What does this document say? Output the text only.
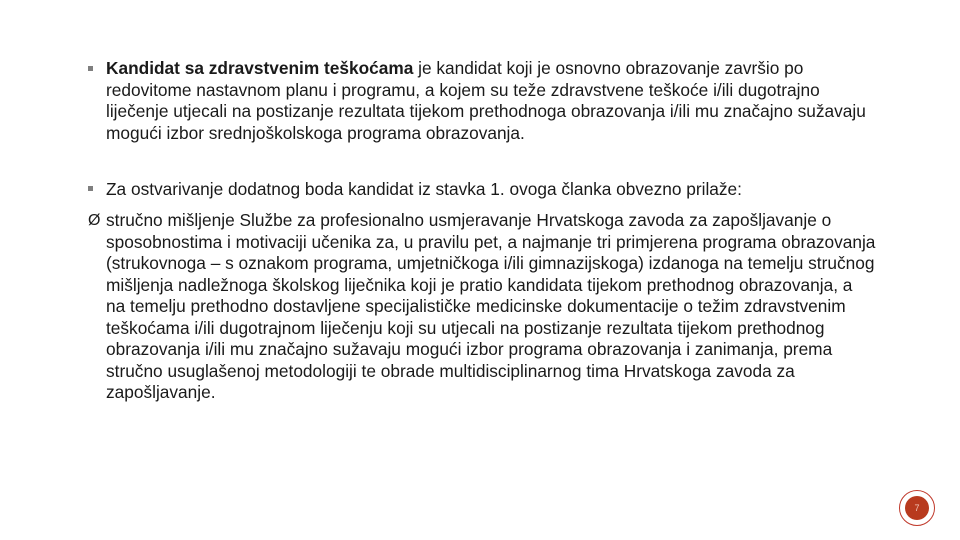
Kandidat sa zdravstvenim teškoćama je kandidat koji je osnovno obrazovanje završio po redovitome nastavnom planu i programu, a kojem su teže zdravstvene teškoće i/ili dugotrajno liječenje utjecali na postizanje rezultata tijekom prethodnoga obrazovanja i/ili mu značajno sužavaju mogući izbor srednjoškolskoga programa obrazovanja.
Za ostvarivanje dodatnog boda kandidat iz stavka 1. ovoga članka obvezno prilaže:
Ø stručno mišljenje Službe za profesionalno usmjeravanje Hrvatskoga zavoda za zapošljavanje o sposobnostima i motivaciji učenika za, u pravilu pet, a najmanje tri primjerena programa obrazovanja (strukovnoga – s oznakom programa, umjetničkoga i/ili gimnazijskoga) izdanoga na temelju stručnog mišljenja nadležnoga školskog liječnika koji je pratio kandidata tijekom prethodnog obrazovanja, a na temelju prethodno dostavljene specijalističke medicinske dokumentacije o težim zdravstvenim teškoćama i/ili dugotrajnom liječenju koji su utjecali na postizanje rezultata tijekom prethodnog obrazovanja i/ili mu značajno sužavaju mogući izbor programa obrazovanja i zanimanja, prema stručno usuglašenoj metodologiji te obrade multidisciplinarnog tima Hrvatskoga zavoda za zapošljavanje.
7
